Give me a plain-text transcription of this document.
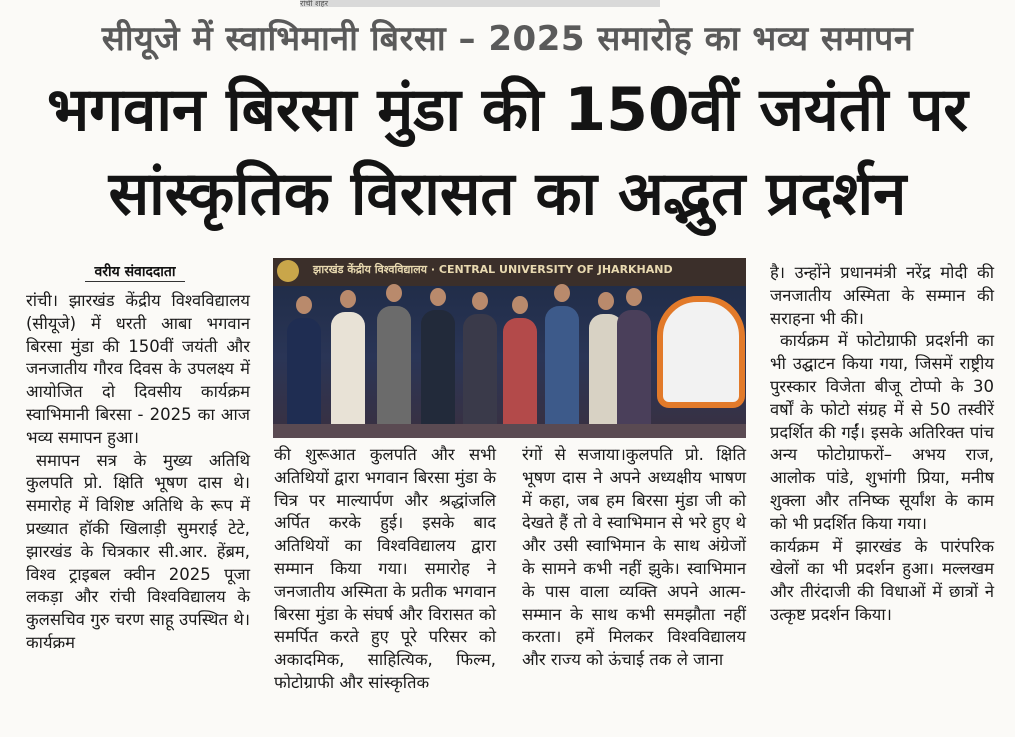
रांची शहर
सीयूजे में स्वाभिमानी बिरसा – 2025 समारोह का भव्य समापन
भगवान बिरसा मुंडा की 150वीं जयंती पर
सांस्कृतिक विरासत का अद्भुत प्रदर्शन
वरीय संवाददाता

रांची। झारखंड केंद्रीय विश्वविद्यालय (सीयूजे) में धरती आबा भगवान बिरसा मुंडा की 150वीं जयंती और जनजातीय गौरव दिवस के उपलक्ष्य में आयोजित दो दिवसीय कार्यक्रम स्वाभिमानी बिरसा - 2025 का आज भव्य समापन हुआ।

समापन सत्र के मुख्य अतिथि कुलपति प्रो. क्षिति भूषण दास थे। समारोह में विशिष्ट अतिथि के रूप में प्रख्यात हॉकी खिलाड़ी सुमराई टेटे, झारखंड के चित्रकार सी.आर. हेंब्रम, विश्व ट्राइबल क्वीन 2025 पूजा लकड़ा और रांची विश्वविद्यालय के कुलसचिव गुरु चरण साहू उपस्थित थे। कार्यक्रम

झारखंड केंद्रीय विश्वविद्यालय · CENTRAL UNIVERSITY OF JHARKHAND

की शुरूआत कुलपति और सभी अतिथियों द्वारा भगवान बिरसा मुंडा के चित्र पर माल्यार्पण और श्रद्धांजलि अर्पित करके हुई। इसके बाद अतिथियों का विश्वविद्यालय द्वारा सम्मान किया गया। समारोह ने जनजातीय अस्मिता के प्रतीक भगवान बिरसा मुंडा के संघर्ष और विरासत को समर्पित करते हुए पूरे परिसर को अकादमिक, साहित्यिक, फिल्म, फोटोग्राफी और सांस्कृतिक

रंगों से सजाया।कुलपति प्रो. क्षिति भूषण दास ने अपने अध्यक्षीय भाषण में कहा, जब हम बिरसा मुंडा जी को देखते हैं तो वे स्वाभिमान से भरे हुए थे और उसी स्वाभिमान के साथ अंग्रेजों के सामने कभी नहीं झुके। स्वाभिमान के पास वाला व्यक्ति अपने आत्म-सम्मान के साथ कभी समझौता नहीं करता। हमें मिलकर विश्वविद्यालय और राज्य को ऊंचाई तक ले जाना

है। उन्होंने प्रधानमंत्री नरेंद्र मोदी की जनजातीय अस्मिता के सम्मान की सराहना भी की।

कार्यक्रम में फोटोग्राफी प्रदर्शनी का भी उद्घाटन किया गया, जिसमें राष्ट्रीय पुरस्कार विजेता बीजू टोप्पो के 30 वर्षों के फोटो संग्रह में से 50 तस्वीरें प्रदर्शित की गईं। इसके अतिरिक्त पांच अन्य फोटोग्राफरों– अभय राज, आलोक पांडे, शुभांगी प्रिया, मनीष शुक्ला और तनिष्क सूर्यांश के काम को भी प्रदर्शित किया गया।

कार्यक्रम में झारखंड के पारंपरिक खेलों का भी प्रदर्शन हुआ। मल्लखम और तीरंदाजी की विधाओं में छात्रों ने उत्कृष्ट प्रदर्शन किया।
